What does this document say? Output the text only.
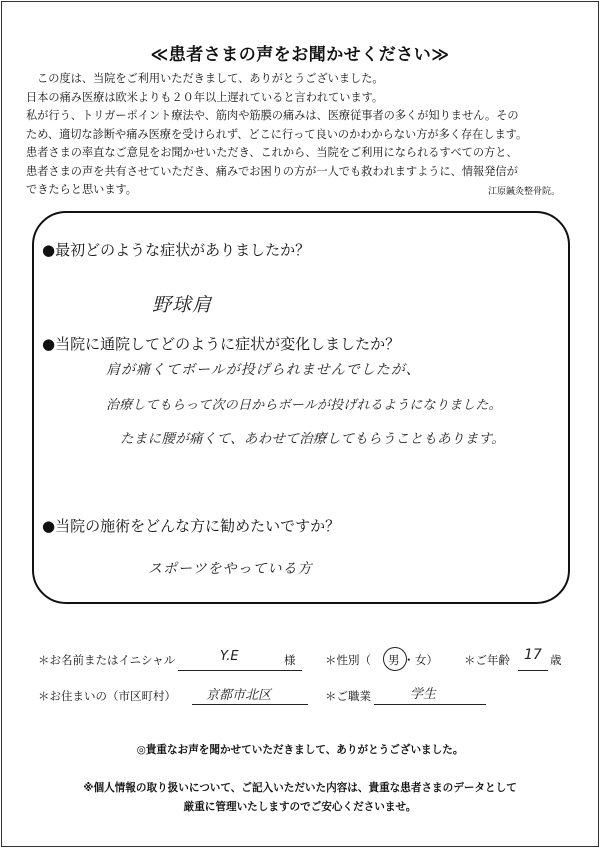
≪患者さまの声をお聞かせください≫
この度は、当院をご利用いただきまして、ありがとうございました。
日本の痛み医療は欧米よりも２０年以上遅れていると言われています。
私が行う、トリガーポイント療法や、筋肉や筋膜の痛みは、医療従事者の多くが知りません。その
ため、適切な診断や痛み医療を受けられず、どこに行って良いのかわからない方が多く存在します。
患者さまの率直なご意見をお聞かせいただき、これから、当院をご利用になられるすべての方と、
患者さまの声を共有させていただき、痛みでお困りの方が一人でも救われますように、情報発信が
できたらと思います。	江原鍼灸整骨院。
●最初どのような症状がありましたか？
野球肩
●当院に通院してどのように症状が変化しましたか？
肩が痛くてボールが投げられませんでしたが、
治療してもらって次の日からボールが投げれるようになりました。
たまに腰が痛くて、あわせて治療してもらうこともあります。
●当院の施術をどんな方に勧めたいですか？
スポーツをやっている方
＊お名前またはイニシャル	Y.E	様	＊性別（ 男 ・ 女） ＊ご年齢 17 歳
＊お住まいの（市区町村） 京都市北区	＊ご職業	学生
◎貴重なお声を聞かせていただきまして、ありがとうございました。
※個人情報の取り扱いについて、ご記入いただいた内容は、貴重な患者さまのデータとして
厳重に管理いたしますのでご安心くださいませ。
